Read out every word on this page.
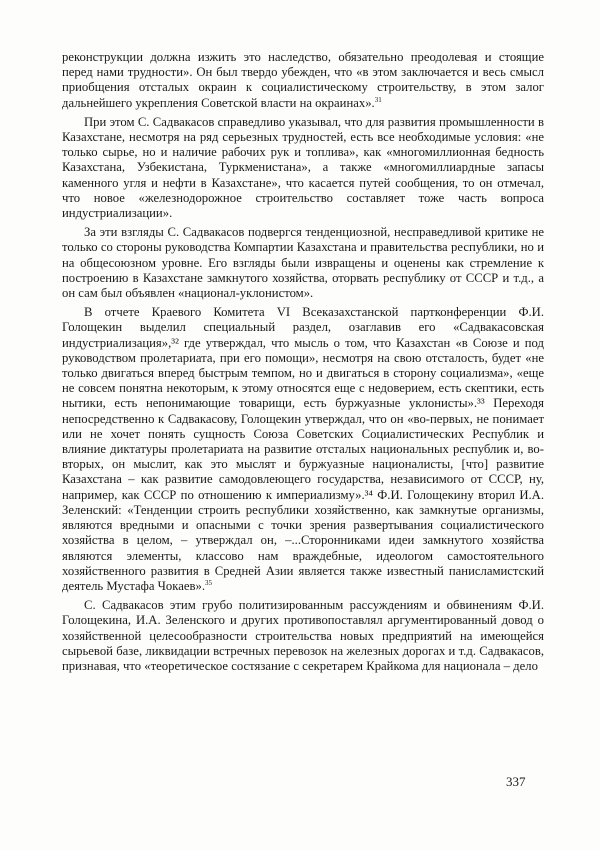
реконструкции должна изжить это наследство, обязательно преодолевая и стоящие перед нами трудности». Он был твердо убежден, что «в этом заключается и весь смысл приобщения отсталых окраин к социалистическому строительству, в этом залог дальнейшего укрепления Советской власти на окраинах».$^{31}$

При этом С. Садвакасов справедливо указывал, что для развития промышленности в Казахстане, несмотря на ряд серьезных трудностей, есть все необходимые условия: «не только сырье, но и наличие рабочих рук и топлива», как «многомиллионная бедность Казахстана, Узбекистана, Туркменистана», а также «многомиллиардные запасы каменного угля и нефти в Казахстане», что касается путей сообщения, то он отмечал, что новое «железнодорожное строительство составляет тоже часть вопроса индустриализации».

За эти взгляды С. Садвакасов подвергся тенденциозной, несправедливой критике не только со стороны руководства Компартии Казахстана и правительства республики, но и на общесоюзном уровне. Его взгляды были извращены и оценены как стремление к построению в Казахстане замкнутого хозяйства, оторвать республику от СССР и т.д., а он сам был объявлен «национал-уклонистом».

В отчете Краевого Комитета VI Всеказахстанской партконференции Ф.И. Голощекин выделил специальный раздел, озаглавив его «Садвакасовская индустриализация»,³² где утверждал, что мысль о том, что Казахстан «в Союзе и под руководством пролетариата, при его помощи», несмотря на свою отсталость, будет «не только двигаться вперед быстрым темпом, но и двигаться в сторону социализма», «еще не совсем понятна некоторым, к этому относятся еще с недоверием, есть скептики, есть нытики, есть непонимающие товарищи, есть буржуазные уклонисты».³³ Переходя непосредственно к Садвакасову, Голощекин утверждал, что он «во-первых, не понимает или не хочет понять сущность Союза Советских Социалистических Республик и влияние диктатуры пролетариата на развитие отсталых национальных республик и, во-вторых, он мыслит, как это мыслят и буржуазные националисты, [что] развитие Казахстана – как развитие самодовлеющего государства, независимого от СССР, ну, например, как СССР по отношению к империализму».³⁴ Ф.И. Голощекину вторил И.А. Зеленский: «Тенденции строить республики хозяйственно, как замкнутые организмы, являются вредными и опасными с точки зрения развертывания социалистического хозяйства в целом, – утверждал он, –...Сторонниками идеи замкнутого хозяйства являются элементы, классово нам враждебные, идеологом самостоятельного хозяйственного развития в Средней Азии является также известный панисламистский деятель Мустафа Чокаев».$^{35}$

С. Садвакасов этим грубо политизированным рассуждениям и обвинениям Ф.И. Голощекина, И.А. Зеленского и других противопоставлял аргументированный довод о хозяйственной целесообразности строительства новых предприятий на имеющейся сырьевой базе, ликвидации встречных перевозок на железных дорогах и т.д. Садвакасов, признавая, что «теоретическое состязание с секретарем Крайкома для национала – дело

337
